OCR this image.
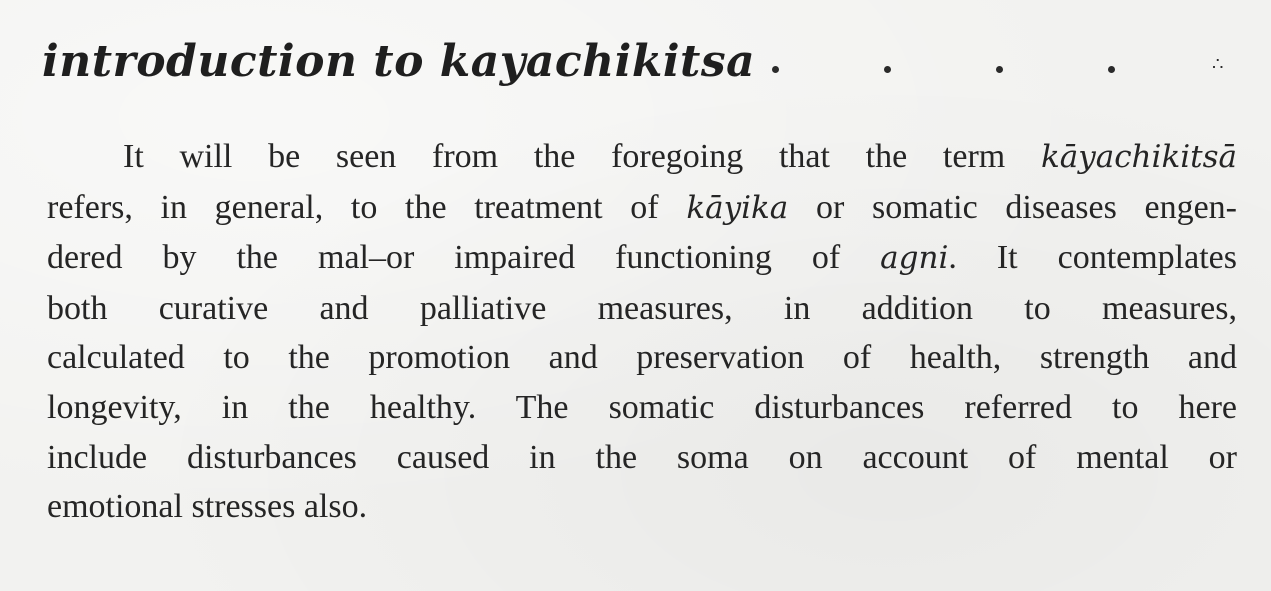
introduction to kayachikitsa	∴

It will be seen from the foregoing that the term kāyachikitsā
refers, in general, to the treatment of kāyika or somatic diseases engen-
dered by the mal–or impaired functioning of agni. It contemplates
both curative and palliative measures, in addition to measures,
calculated to the promotion and preservation of health, strength and
longevity, in the healthy. The somatic disturbances referred to here
include disturbances caused in the soma on account of mental or
emotional stresses also.
